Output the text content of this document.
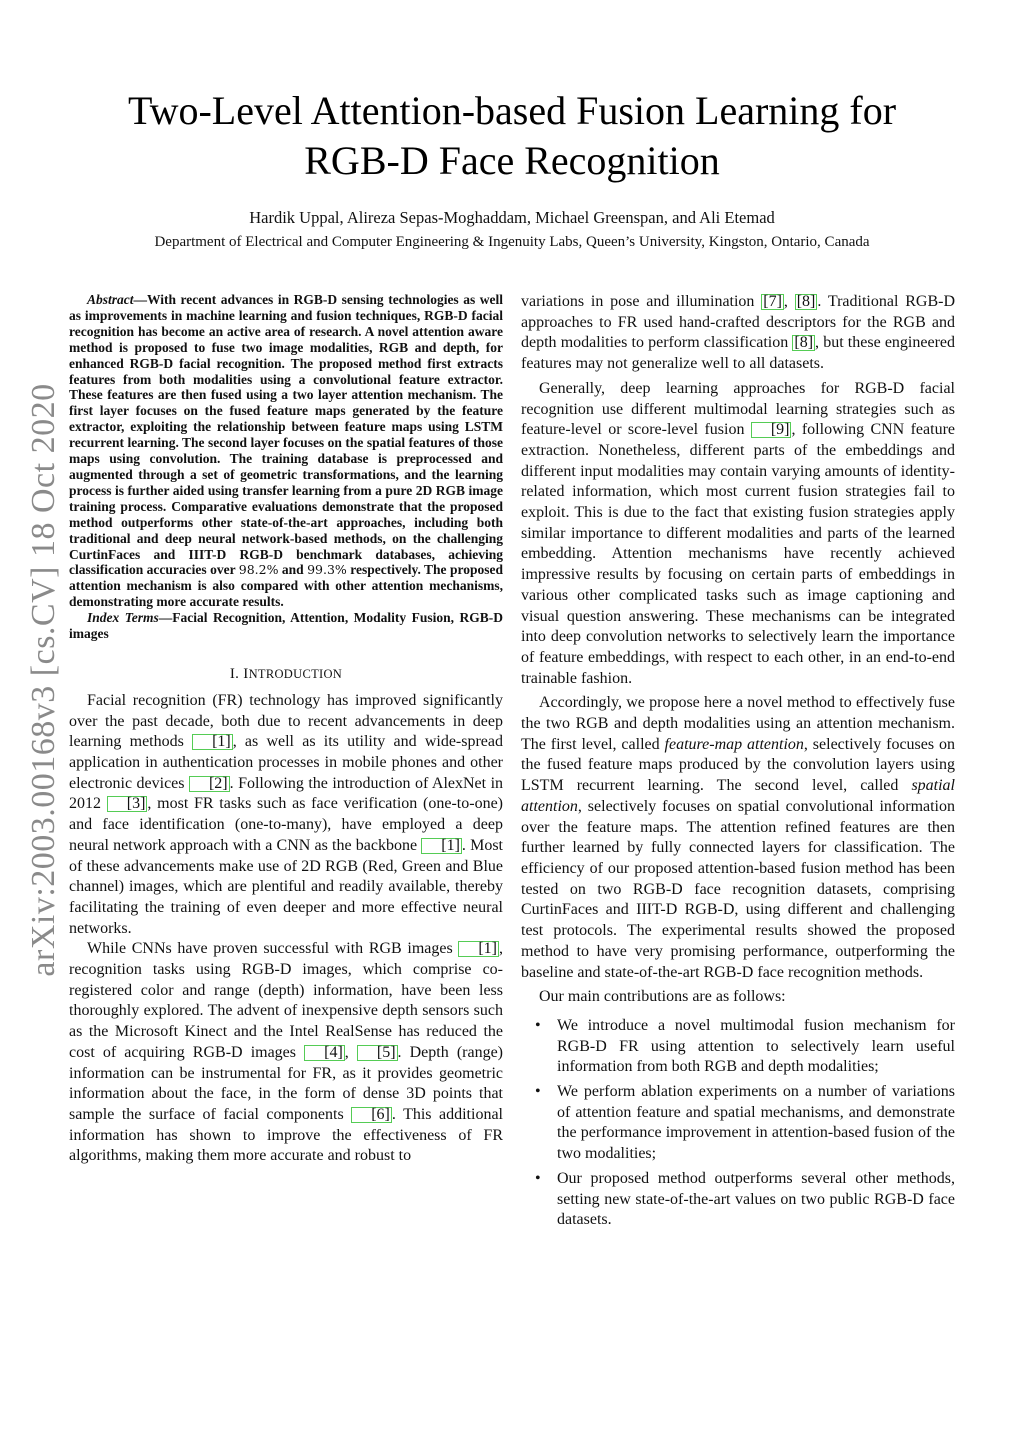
Two-Level Attention-based Fusion Learning for
RGB-D Face Recognition
Hardik Uppal, Alireza Sepas-Moghaddam, Michael Greenspan, and Ali Etemad
Department of Electrical and Computer Engineering & Ingenuity Labs, Queen’s University, Kingston, Ontario, Canada
arXiv:2003.00168v3 [cs.CV] 18 Oct 2020

Abstract—With recent advances in RGB-D sensing technologies as well as improvements in machine learning and fusion techniques, RGB-D facial recognition has become an active area of research. A novel attention aware method is proposed to fuse two image modalities, RGB and depth, for enhanced RGB-D facial recognition. The proposed method first extracts features from both modalities using a convolutional feature extractor. These features are then fused using a two layer attention mechanism. The first layer focuses on the fused feature maps generated by the feature extractor, exploiting the relationship between feature maps using LSTM recurrent learning. The second layer focuses on the spatial features of those maps using convolution. The training database is preprocessed and augmented through a set of geometric transformations, and the learning process is further aided using transfer learning from a pure 2D RGB image training process. Comparative evaluations demonstrate that the proposed method outperforms other state-of-the-art approaches, including both traditional and deep neural network-based methods, on the challenging CurtinFaces and IIIT-D RGB-D benchmark databases, achieving classification accuracies over 98.2% and 99.3% respectively. The proposed attention mechanism is also compared with other attention mechanisms, demonstrating more accurate results.

Index Terms—Facial Recognition, Attention, Modality Fusion, RGB-D images

I. INTRODUCTION

Facial recognition (FR) technology has improved significantly over the past decade, both due to recent advancements in deep learning methods [1] , as well as its utility and wide-spread application in authentication processes in mobile phones and other electronic devices [2] . Following the introduction of AlexNet in 2012 [3] , most FR tasks such as face verification (one-to-one) and face identification (one-to-many), have employed a deep neural network approach with a CNN as the backbone [1] . Most of these advancements make use of 2D RGB (Red, Green and Blue channel) images, which are plentiful and readily available, thereby facilitating the training of even deeper and more effective neural networks.

While CNNs have proven successful with RGB images [1] , recognition tasks using RGB-D images, which comprise co-registered color and range (depth) information, have been less thoroughly explored. The advent of inexpensive depth sensors such as the Microsoft Kinect and the Intel RealSense has reduced the cost of acquiring RGB-D images [4] , [5] . Depth (range) information can be instrumental for FR, as it provides geometric information about the face, in the form of dense 3D points that sample the surface of facial components [6] . This additional information has shown to improve the effectiveness of FR algorithms, making them more accurate and robust to

variations in pose and illumination [7] , [8] . Traditional RGB-D approaches to FR used hand-crafted descriptors for the RGB and depth modalities to perform classification [8] , but these engineered features may not generalize well to all datasets.

Generally, deep learning approaches for RGB-D facial recognition use different multimodal learning strategies such as feature-level or score-level fusion [9] , following CNN feature extraction. Nonetheless, different parts of the embeddings and different input modalities may contain varying amounts of identity-related information, which most current fusion strategies fail to exploit. This is due to the fact that existing fusion strategies apply similar importance to different modalities and parts of the learned embedding. Attention mechanisms have recently achieved impressive results by focusing on certain parts of embeddings in various other complicated tasks such as image captioning and visual question answering. These mechanisms can be integrated into deep convolution networks to selectively learn the importance of feature embeddings, with respect to each other, in an end-to-end trainable fashion.

Accordingly, we propose here a novel method to effectively fuse the two RGB and depth modalities using an attention mechanism. The first level, called feature-map attention, selectively focuses on the fused feature maps produced by the convolution layers using LSTM recurrent learning. The second level, called spatial attention, selectively focuses on spatial convolutional information over the feature maps. The attention refined features are then further learned by fully connected layers for classification. The efficiency of our proposed attention-based fusion method has been tested on two RGB-D face recognition datasets, comprising CurtinFaces and IIIT-D RGB-D, using different and challenging test protocols. The experimental results showed the proposed method to have very promising performance, outperforming the baseline and state-of-the-art RGB-D face recognition methods.

Our main contributions are as follows:

• We introduce a novel multimodal fusion mechanism for RGB-D FR using attention to selectively learn useful information from both RGB and depth modalities;
• We perform ablation experiments on a number of variations of attention feature and spatial mechanisms, and demonstrate the performance improvement in attention-based fusion of the two modalities;
• Our proposed method outperforms several other methods, setting new state-of-the-art values on two public RGB-D face datasets.
